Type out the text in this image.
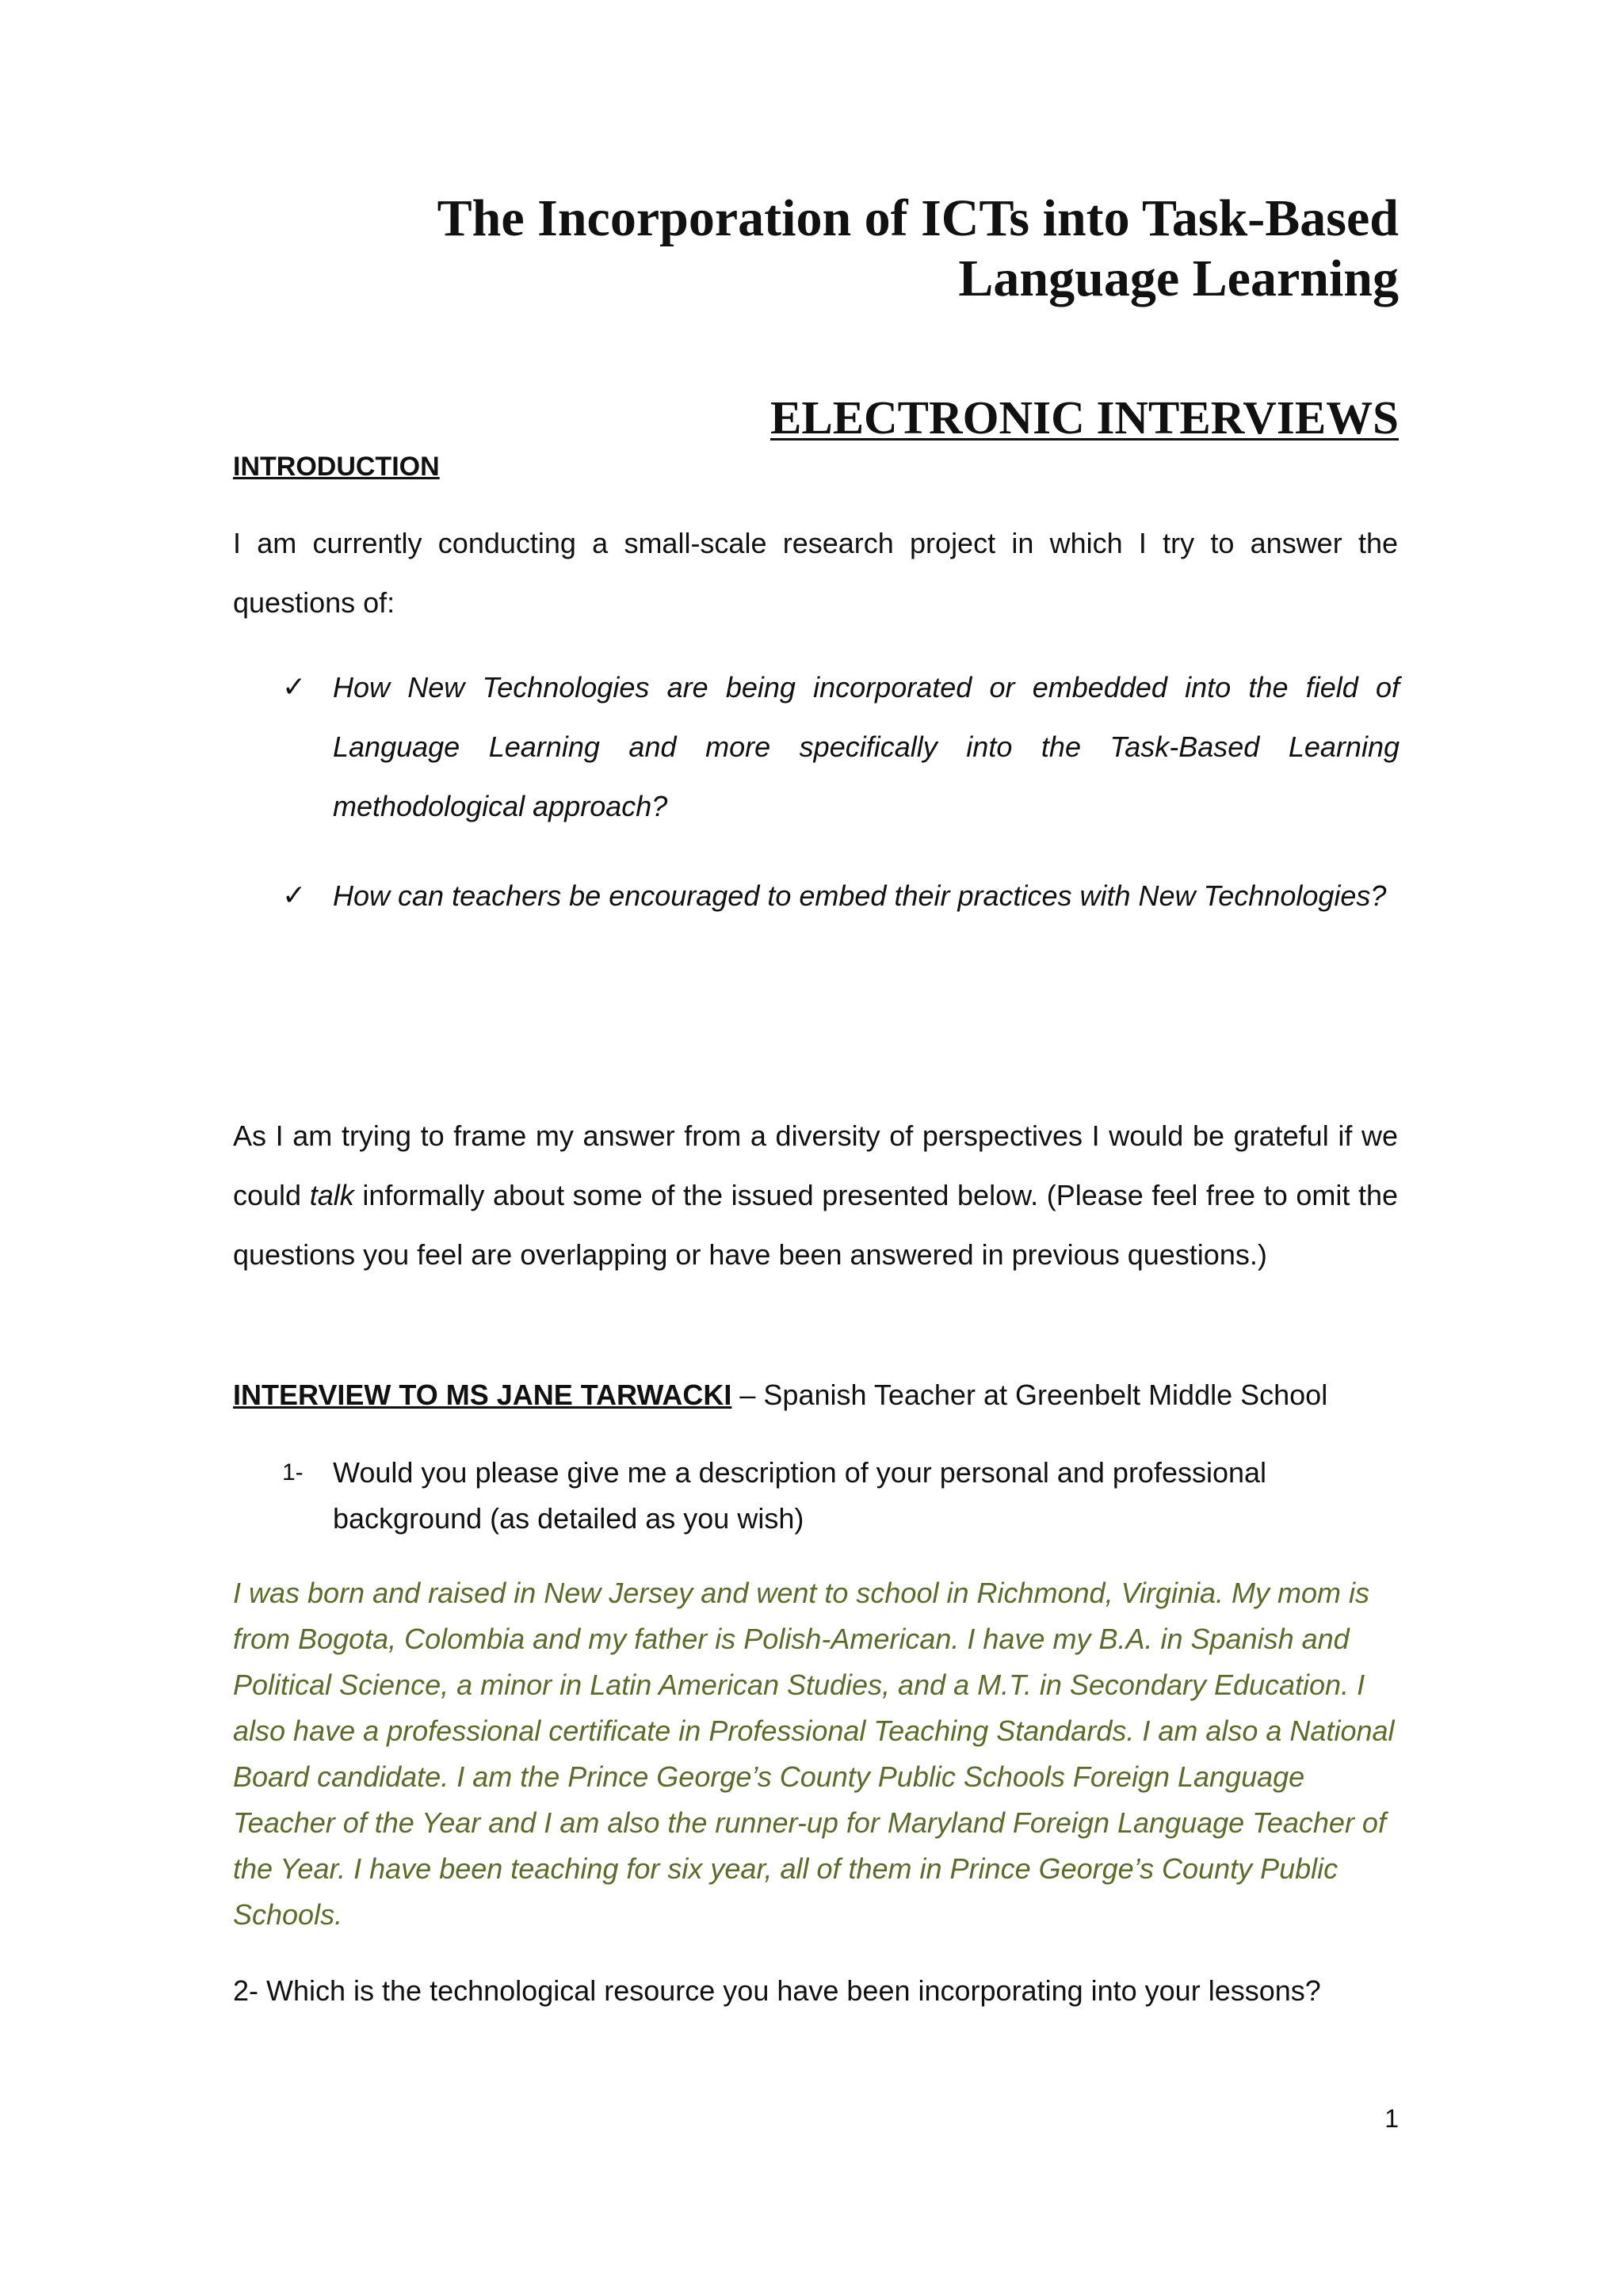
The Incorporation of ICTs into Task-Based
Language Learning
ELECTRONIC INTERVIEWS
INTRODUCTION

I am currently conducting a small-scale research project in which I try to answer the questions of:

✓ How New Technologies are being incorporated or embedded into the field of Language Learning and more specifically into the Task-Based Learning methodological approach?
✓ How can teachers be encouraged to embed their practices with New Technologies?

As I am trying to frame my answer from a diversity of perspectives I would be grateful if we could talk informally about some of the issued presented below. (Please feel free to omit the questions you feel are overlapping or have been answered in previous questions.)

INTERVIEW TO MS JANE TARWACKI – Spanish Teacher at Greenbelt Middle School

1- Would you please give me a description of your personal and professional background (as detailed as you wish)

I was born and raised in New Jersey and went to school in Richmond, Virginia. My mom is from Bogota, Colombia and my father is Polish-American. I have my B.A. in Spanish and Political Science, a minor in Latin American Studies, and a M.T. in Secondary Education. I also have a professional certificate in Professional Teaching Standards. I am also a National Board candidate. I am the Prince George’s County Public Schools Foreign Language Teacher of the Year and I am also the runner-up for Maryland Foreign Language Teacher of the Year. I have been teaching for six year, all of them in Prince George’s County Public Schools.

2- Which is the technological resource you have been incorporating into your lessons?

1
